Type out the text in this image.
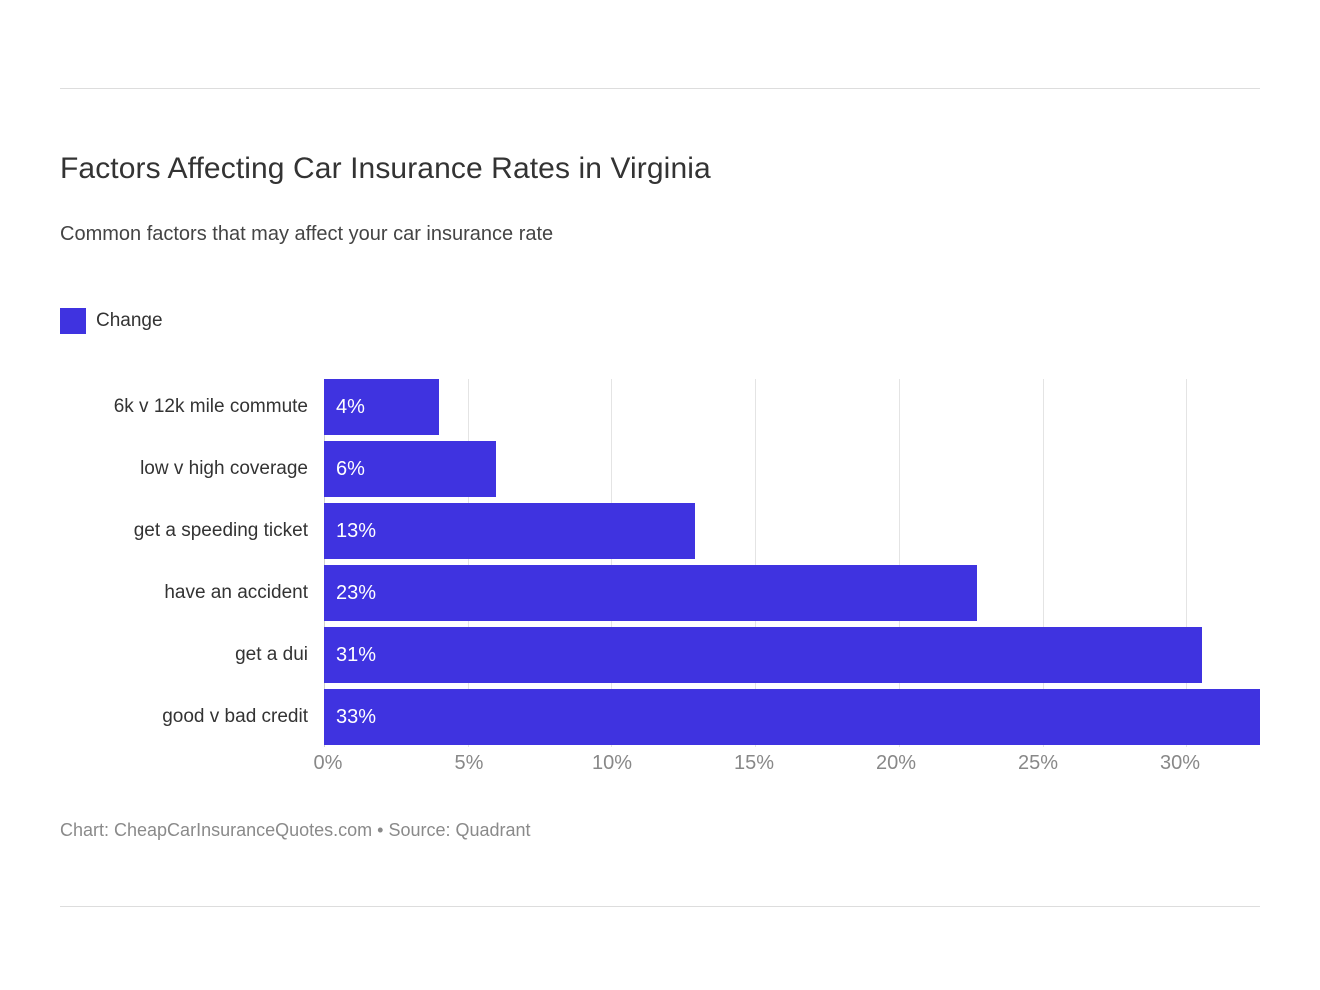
Factors Affecting Car Insurance Rates in Virginia
Common factors that may affect your car insurance rate
Change
6k v 12k mile commute
low v high coverage
get a speeding ticket
have an accident
get a dui
good v bad credit
4%
6%
13%
23%
31%
33%
0%	5%	10%	15%	20%	25%	30%
Chart: CheapCarInsuranceQuotes.com • Source: Quadrant
